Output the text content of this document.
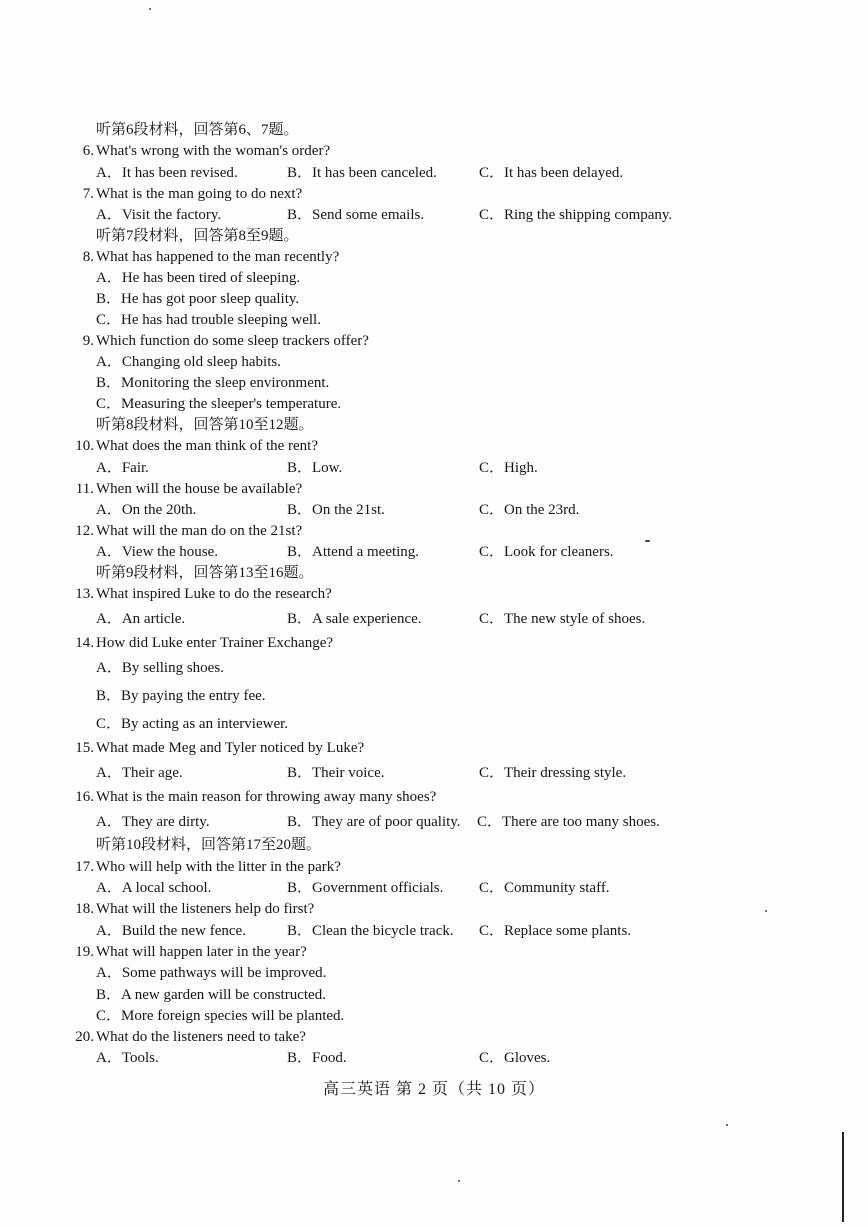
听第6段材料，回答第6、7题。
6. What's wrong with the woman's order?
A．It has been revised.	B．It has been canceled.	C．It has been delayed.
7. What is the man going to do next?
A．Visit the factory.	B．Send some emails.	C．Ring the shipping company.
听第7段材料，回答第8至9题。
8. What has happened to the man recently?
A．He has been tired of sleeping.
B．He has got poor sleep quality.
C．He has had trouble sleeping well.
9. Which function do some sleep trackers offer?
A．Changing old sleep habits.
B．Monitoring the sleep environment.
C．Measuring the sleeper's temperature.
听第8段材料，回答第10至12题。
10. What does the man think of the rent?
A．Fair.	B．Low.	C．High.
11. When will the house be available?
A．On the 20th.	B．On the 21st.	C．On the 23rd.
12. What will the man do on the 21st?
A．View the house.	B．Attend a meeting.	C．Look for cleaners.
听第9段材料，回答第13至16题。
13. What inspired Luke to do the research?
A．An article.	B．A sale experience.	C．The new style of shoes.
14. How did Luke enter Trainer Exchange?
A．By selling shoes.
B．By paying the entry fee.
C．By acting as an interviewer.
15. What made Meg and Tyler noticed by Luke?
A．Their age.	B．Their voice.	C．Their dressing style.
16. What is the main reason for throwing away many shoes?
A．They are dirty.	B．They are of poor quality. C．There are too many shoes.
听第10段材料，回答第17至20题。
17. Who will help with the litter in the park?
A．A local school.	B．Government officials. C．Community staff.
18. What will the listeners help do first?
A．Build the new fence.	B．Clean the bicycle track. C．Replace some plants.
19. What will happen later in the year?
A．Some pathways will be improved.
B．A new garden will be constructed.
C．More foreign species will be planted.
20. What do the listeners need to take?
A．Tools.	B．Food.	C．Gloves.
高三英语 第 2 页（共 10 页）
